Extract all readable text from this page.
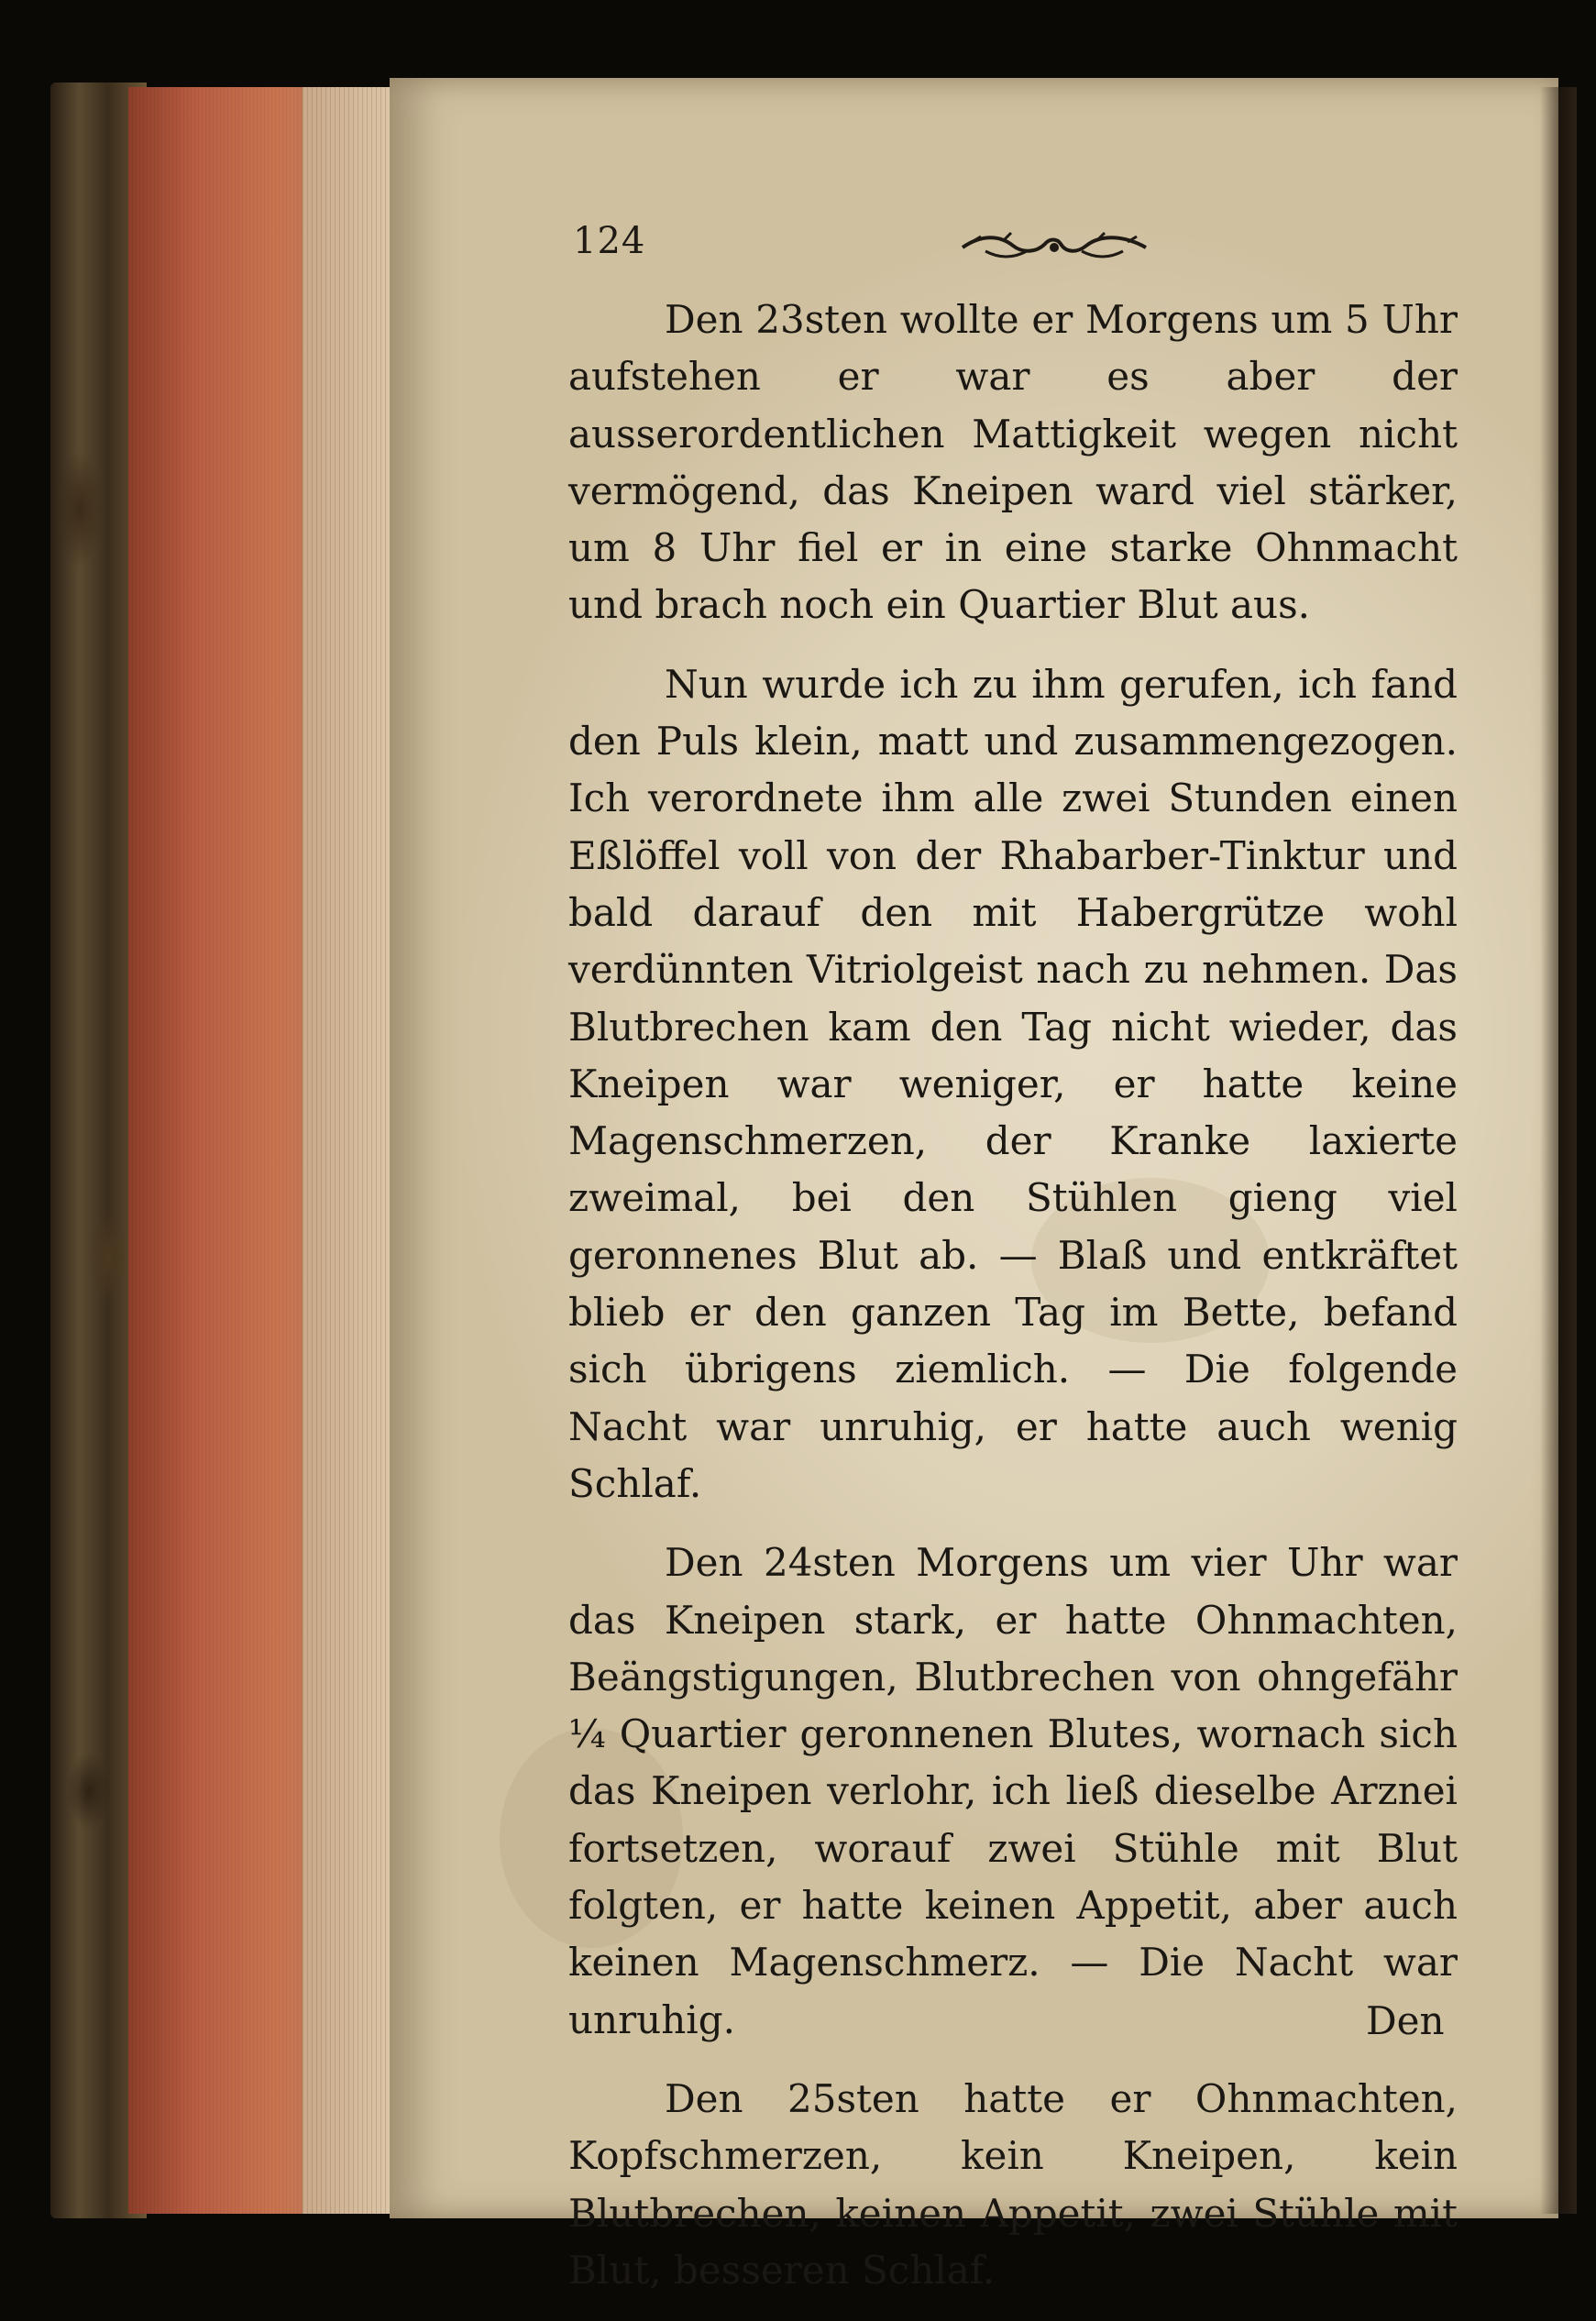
124

Den 23sten wollte er Morgens um 5 Uhr aufstehen er war es aber der ausserordentlichen Mattigkeit wegen nicht vermögend, das Kneipen ward viel stärker, um 8 Uhr fiel er in eine starke Ohnmacht und brach noch ein Quartier Blut aus.

Nun wurde ich zu ihm gerufen, ich fand den Puls klein, matt und zusammengezogen. Ich verordnete ihm alle zwei Stunden einen Eßlöffel voll von der Rhabarber-Tinktur und bald darauf den mit Habergrütze wohl verdünnten Vitriolgeist nach zu nehmen. Das Blutbrechen kam den Tag nicht wieder, das Kneipen war weniger, er hatte keine Magenschmerzen, der Kranke laxierte zweimal, bei den Stühlen gieng viel geronnenes Blut ab. — Blaß und entkräftet blieb er den ganzen Tag im Bette, befand sich übrigens ziemlich. — Die folgende Nacht war unruhig, er hatte auch wenig Schlaf.

Den 24sten Morgens um vier Uhr war das Kneipen stark, er hatte Ohnmachten, Beängstigungen, Blutbrechen von ohngefähr ¼ Quartier geronnenen Blutes, wornach sich das Kneipen verlohr, ich ließ dieselbe Arznei fortsetzen, worauf zwei Stühle mit Blut folgten, er hatte keinen Appetit, aber auch keinen Magenschmerz. — Die Nacht war unruhig.

Den 25sten hatte er Ohnmachten, Kopfschmerzen, kein Kneipen, kein Blutbrechen, keinen Appetit, zwei Stühle mit Blut, besseren Schlaf.

Den
